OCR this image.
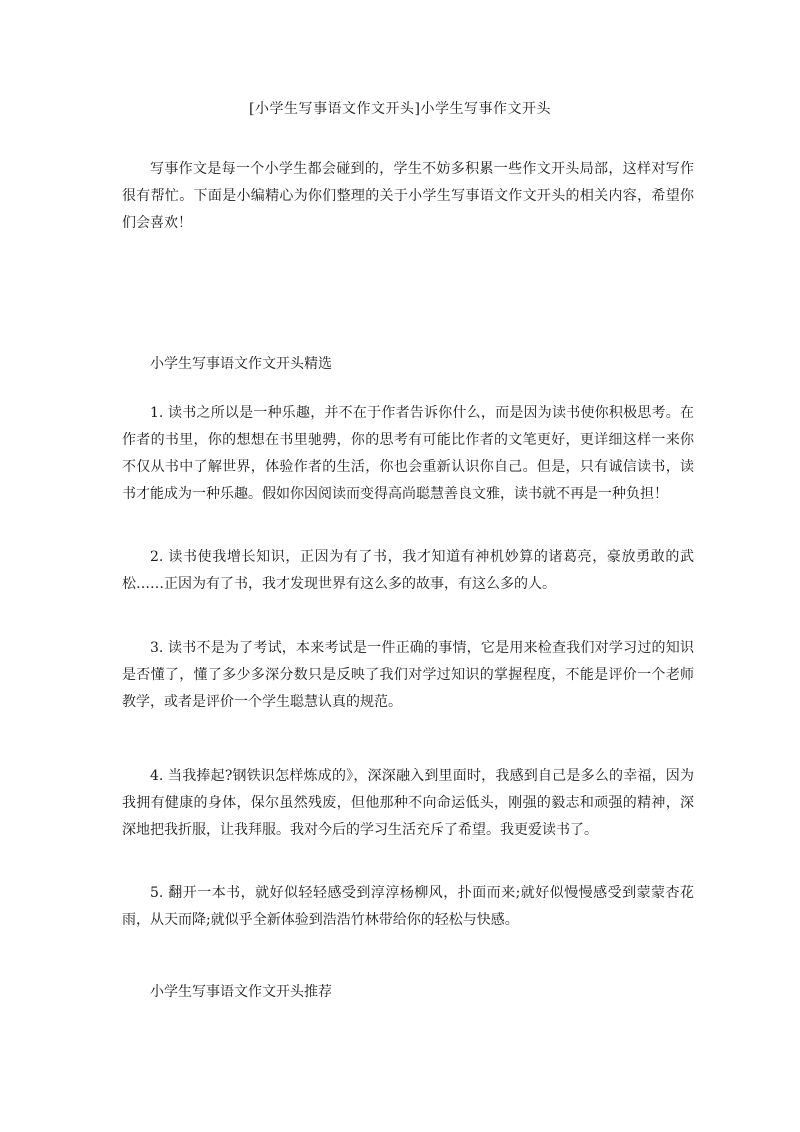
[小学生写事语文作文开头]小学生写事作文开头

写事作文是每一个小学生都会碰到的，学生不妨多积累一些作文开头局部，这样对写作很有帮忙。下面是小编精心为你们整理的关于小学生写事语文作文开头的相关内容，希望你们会喜欢！

小学生写事语文作文开头精选

1. 读书之所以是一种乐趣，并不在于作者告诉你什么，而是因为读书使你积极思考。在作者的书里，你的想想在书里驰骋，你的思考有可能比作者的文笔更好，更详细这样一来你不仅从书中了解世界，体验作者的生活，你也会重新认识你自己。但是，只有诚信读书，读书才能成为一种乐趣。假如你因阅读而变得高尚聪慧善良文雅，读书就不再是一种负担！

2. 读书使我增长知识，正因为有了书，我才知道有神机妙算的诸葛亮，豪放勇敢的武松……正因为有了书，我才发现世界有这么多的故事，有这么多的人。

3. 读书不是为了考试，本来考试是一件正确的事情，它是用来检查我们对学习过的知识是否懂了，懂了多少多深分数只是反映了我们对学过知识的掌握程度，不能是评价一个老师教学，或者是评价一个学生聪慧认真的规范。

4. 当我捧起?钢铁识怎样炼成的》，深深融入到里面时，我感到自己是多么的幸福，因为我拥有健康的身体，保尔虽然残废，但他那种不向命运低头，刚强的毅志和顽强的精神，深深地把我折服，让我拜服。我对今后的学习生活充斥了希望。我更爱读书了。

5. 翻开一本书，就好似轻轻感受到淳淳杨柳风，扑面而来;就好似慢慢感受到蒙蒙杏花雨，从天而降;就似乎全新体验到浩浩竹林带给你的轻松与快感。

小学生写事语文作文开头推荐
